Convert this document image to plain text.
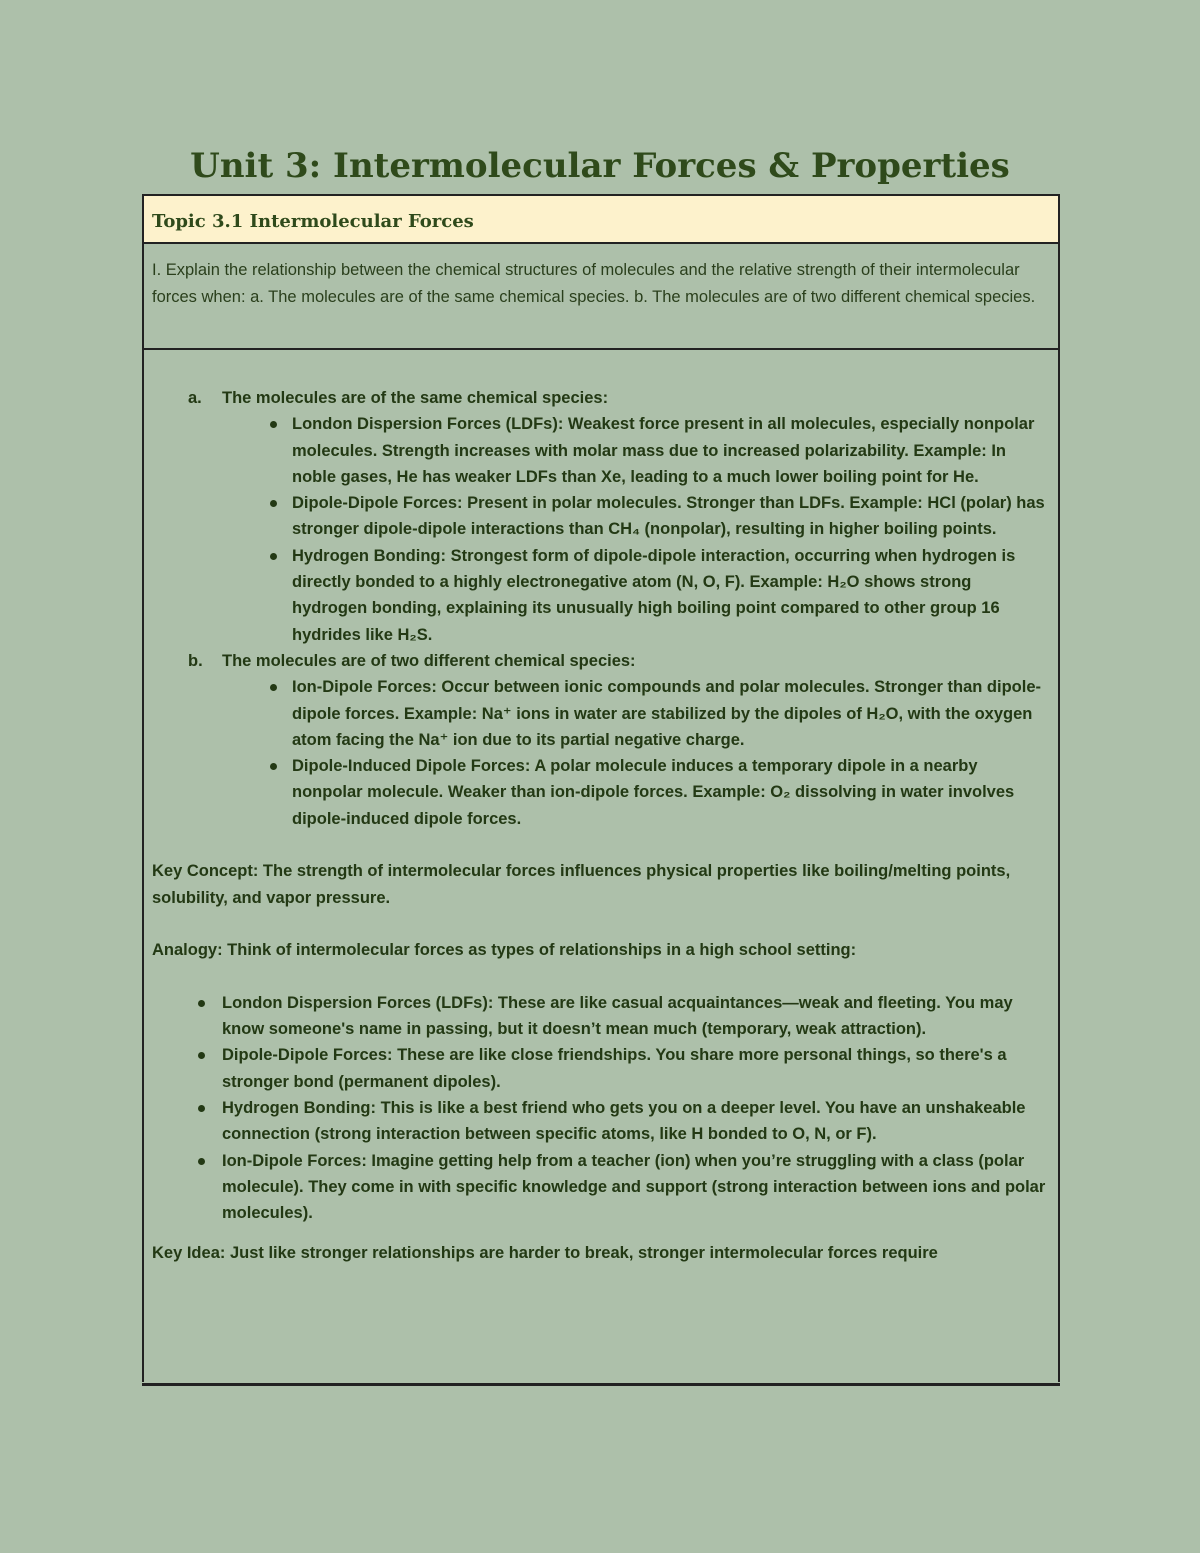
Unit 3: Intermolecular Forces & Properties
Topic 3.1 Intermolecular Forces
I. Explain the relationship between the chemical structures of molecules and the relative strength of their intermolecular forces when: a. The molecules are of the same chemical species. b. The molecules are of two different chemical species.
a. The molecules are of the same chemical species:
London Dispersion Forces (LDFs): Weakest force present in all molecules, especially nonpolar molecules. Strength increases with molar mass due to increased polarizability. Example: In noble gases, He has weaker LDFs than Xe, leading to a much lower boiling point for He.
Dipole-Dipole Forces: Present in polar molecules. Stronger than LDFs. Example: HCl (polar) has stronger dipole-dipole interactions than CH₄ (nonpolar), resulting in higher boiling points.
Hydrogen Bonding: Strongest form of dipole-dipole interaction, occurring when hydrogen is directly bonded to a highly electronegative atom (N, O, F). Example: H₂O shows strong hydrogen bonding, explaining its unusually high boiling point compared to other group 16 hydrides like H₂S.
b. The molecules are of two different chemical species:
Ion-Dipole Forces: Occur between ionic compounds and polar molecules. Stronger than dipole-dipole forces. Example: Na⁺ ions in water are stabilized by the dipoles of H₂O, with the oxygen atom facing the Na⁺ ion due to its partial negative charge.
Dipole-Induced Dipole Forces: A polar molecule induces a temporary dipole in a nearby nonpolar molecule. Weaker than ion-dipole forces. Example: O₂ dissolving in water involves dipole-induced dipole forces.

Key Concept: The strength of intermolecular forces influences physical properties like boiling/melting points, solubility, and vapor pressure.

Analogy: Think of intermolecular forces as types of relationships in a high school setting:

London Dispersion Forces (LDFs): These are like casual acquaintances—weak and fleeting. You may know someone's name in passing, but it doesn’t mean much (temporary, weak attraction).
Dipole-Dipole Forces: These are like close friendships. You share more personal things, so there's a stronger bond (permanent dipoles).
Hydrogen Bonding: This is like a best friend who gets you on a deeper level. You have an unshakeable connection (strong interaction between specific atoms, like H bonded to O, N, or F).
Ion-Dipole Forces: Imagine getting help from a teacher (ion) when you’re struggling with a class (polar molecule). They come in with specific knowledge and support (strong interaction between ions and polar molecules).

Key Idea: Just like stronger relationships are harder to break, stronger intermolecular forces require
